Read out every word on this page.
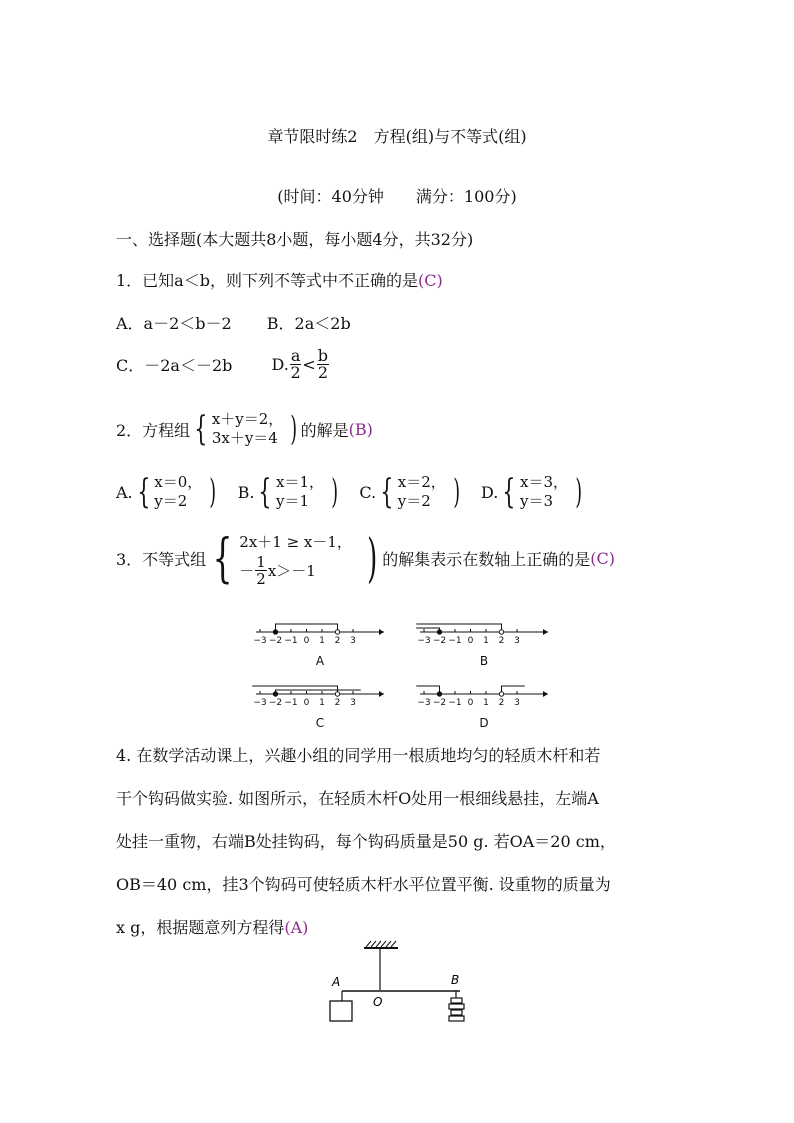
章节限时练2　方程(组)与不等式(组)
(时间：40分钟　　满分：100分)
一、选择题(本大题共8小题，每小题4分，共32分)
1．已知a＜b，则下列不等式中不正确的是(C)
A．a－2＜b－2 B．2a＜2b
C．－2a＜－2b D. $\frac{a}{2} < \frac{b}{2}$
2．方程组 { x＋y＝2，
3x＋y＝4 ) 的解是 (B)
A. { x＝0，
y＝2 ) B. { x＝1，
y＝1 ) C. { x＝2，
y＝2 ) D. { x＝3，
y＝3 )
3．不等式组 { 2x＋1 ≥ x－1，
－ $\frac{1}{2} x>-1$ ) 的解集表示在数轴上正确的是 (C)
−3 −2 −1 0 1 2 3
A
−3 −2 −1 0 1 2 3
B
−3 −2 −1 0 1 2 3
C
−3 −2 −1 0 1 2 3
D
4. 在数学活动课上，兴趣小组的同学用一根质地均匀的轻质木杆和若
干个钩码做实验. 如图所示，在轻质木杆O处用一根细线悬挂，左端A
处挂一重物，右端B处挂钩码，每个钩码质量是50 g. 若OA＝20 cm，
OB＝40 cm，挂3个钩码可使轻质木杆水平位置平衡. 设重物的质量为
x g，根据题意列方程得(A)
A
O
B
